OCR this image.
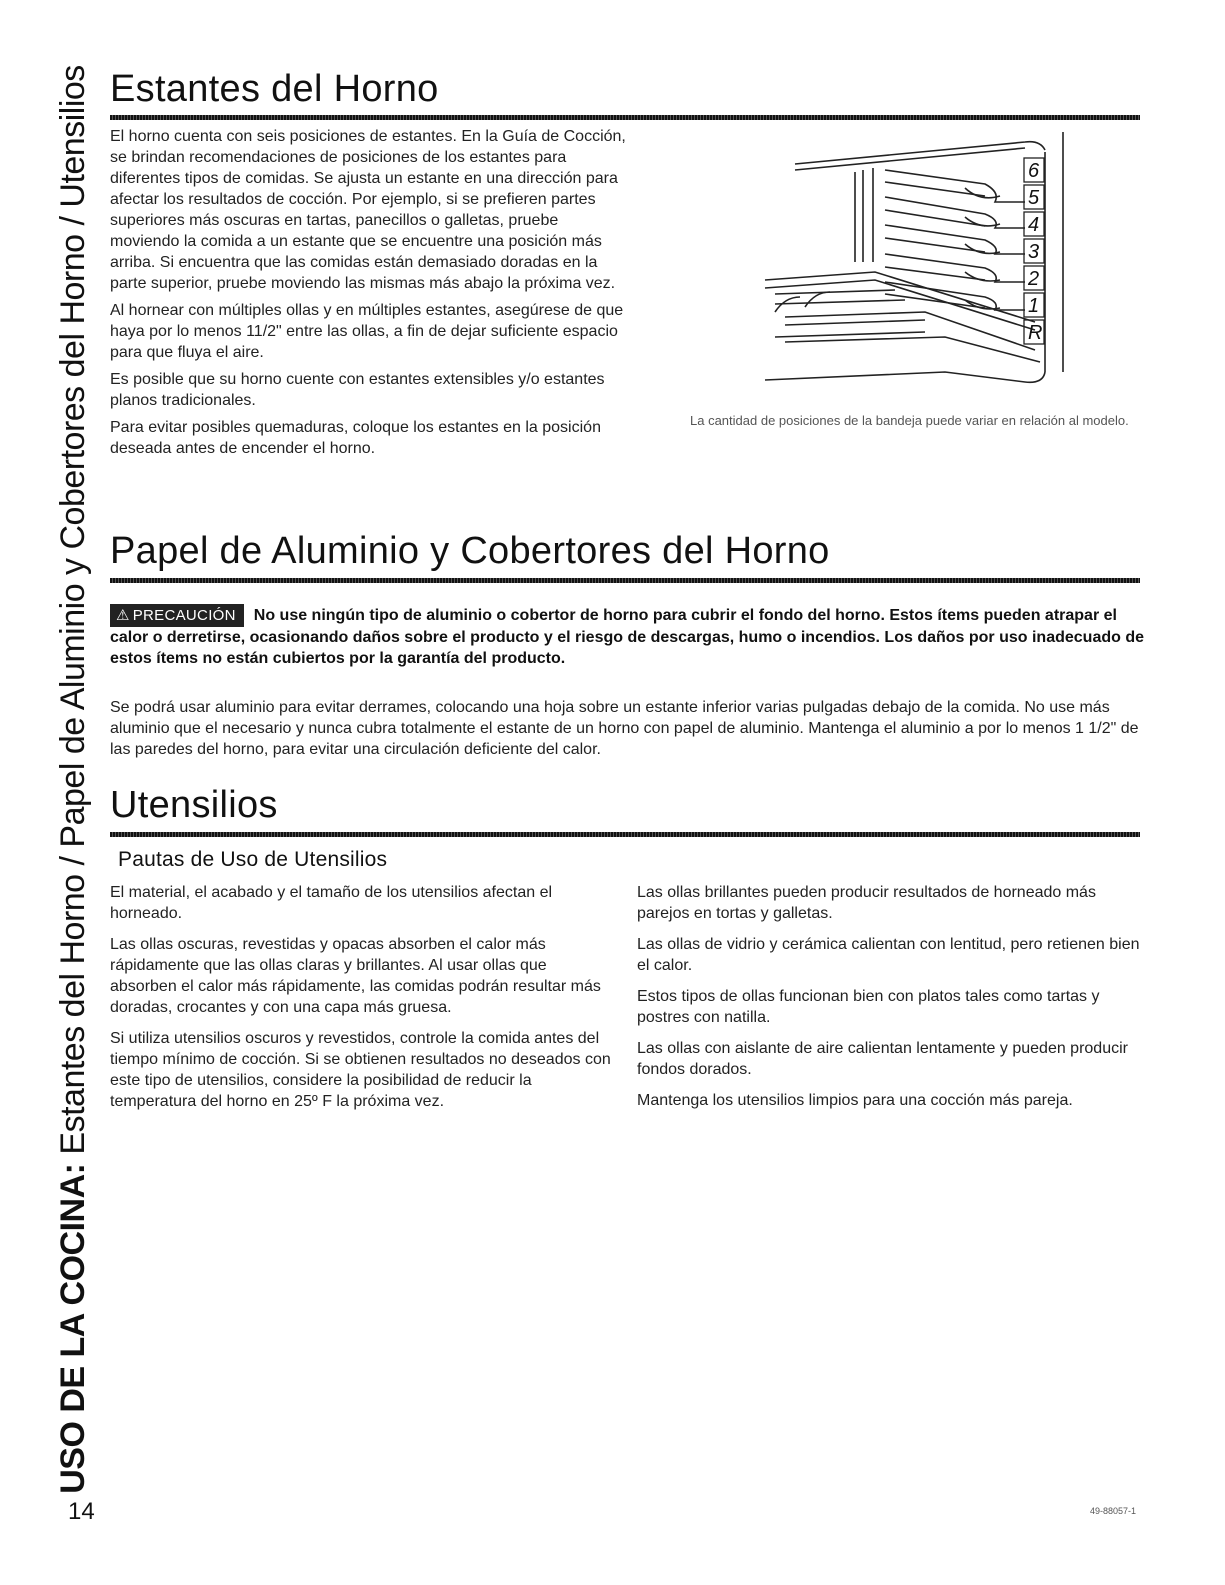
USO DE LA COCINA: Estantes del Horno / Papel de Aluminio y Cobertores del Horno / Utensilios Estantes del Horno

El horno cuenta con seis posiciones de estantes. En la Guía de Cocción, se brindan recomendaciones de posiciones de los estantes para diferentes tipos de comidas. Se ajusta un estante en una dirección para afectar los resultados de cocción. Por ejemplo, si se prefieren partes superiores más oscuras en tartas, panecillos o galletas, pruebe moviendo la comida a un estante que se encuentre una posición más arriba. Si encuentra que las comidas están demasiado doradas en la parte superior, pruebe moviendo las mismas más abajo la próxima vez.

Al hornear con múltiples ollas y en múltiples estantes, asegúrese de que haya por lo menos 11/2" entre las ollas, a fin de dejar suficiente espacio para que fluya el aire.

Es posible que su horno cuente con estantes extensibles y/o estantes planos tradicionales.

Para evitar posibles quemaduras, coloque los estantes en la posición deseada antes de encender el horno.

6
5
4
3
2
1
R
La cantidad de posiciones de la bandeja puede variar en relación al modelo.
Papel de Aluminio y Cobertores del Horno
⚠ PRECAUCIÓN No use ningún tipo de aluminio o cobertor de horno para cubrir el fondo del horno. Estos ítems pueden atrapar el calor o derretirse, ocasionando daños sobre el producto y el riesgo de descargas, humo o incendios. Los daños por uso inadecuado de estos ítems no están cubiertos por la garantía del producto.
Se podrá usar aluminio para evitar derrames, colocando una hoja sobre un estante inferior varias pulgadas debajo de la comida. No use más aluminio que el necesario y nunca cubra totalmente el estante de un horno con papel de aluminio. Mantenga el aluminio a por lo menos 1 1/2" de las paredes del horno, para evitar una circulación deficiente del calor.
Utensilios
Pautas de Uso de Utensilios

El material, el acabado y el tamaño de los utensilios afectan el horneado.

Las ollas oscuras, revestidas y opacas absorben el calor más rápidamente que las ollas claras y brillantes. Al usar ollas que absorben el calor más rápidamente, las comidas podrán resultar más doradas, crocantes y con una capa más gruesa.

Si utiliza utensilios oscuros y revestidos, controle la comida antes del tiempo mínimo de cocción. Si se obtienen resultados no deseados con este tipo de utensilios, considere la posibilidad de reducir la temperatura del horno en 25º F la próxima vez.

Las ollas brillantes pueden producir resultados de horneado más parejos en tortas y galletas.

Las ollas de vidrio y cerámica calientan con lentitud, pero retienen bien el calor.

Estos tipos de ollas funcionan bien con platos tales como tartas y postres con natilla.

Las ollas con aislante de aire calientan lentamente y pueden producir fondos dorados.

Mantenga los utensilios limpios para una cocción más pareja.

14	49-88057-1
